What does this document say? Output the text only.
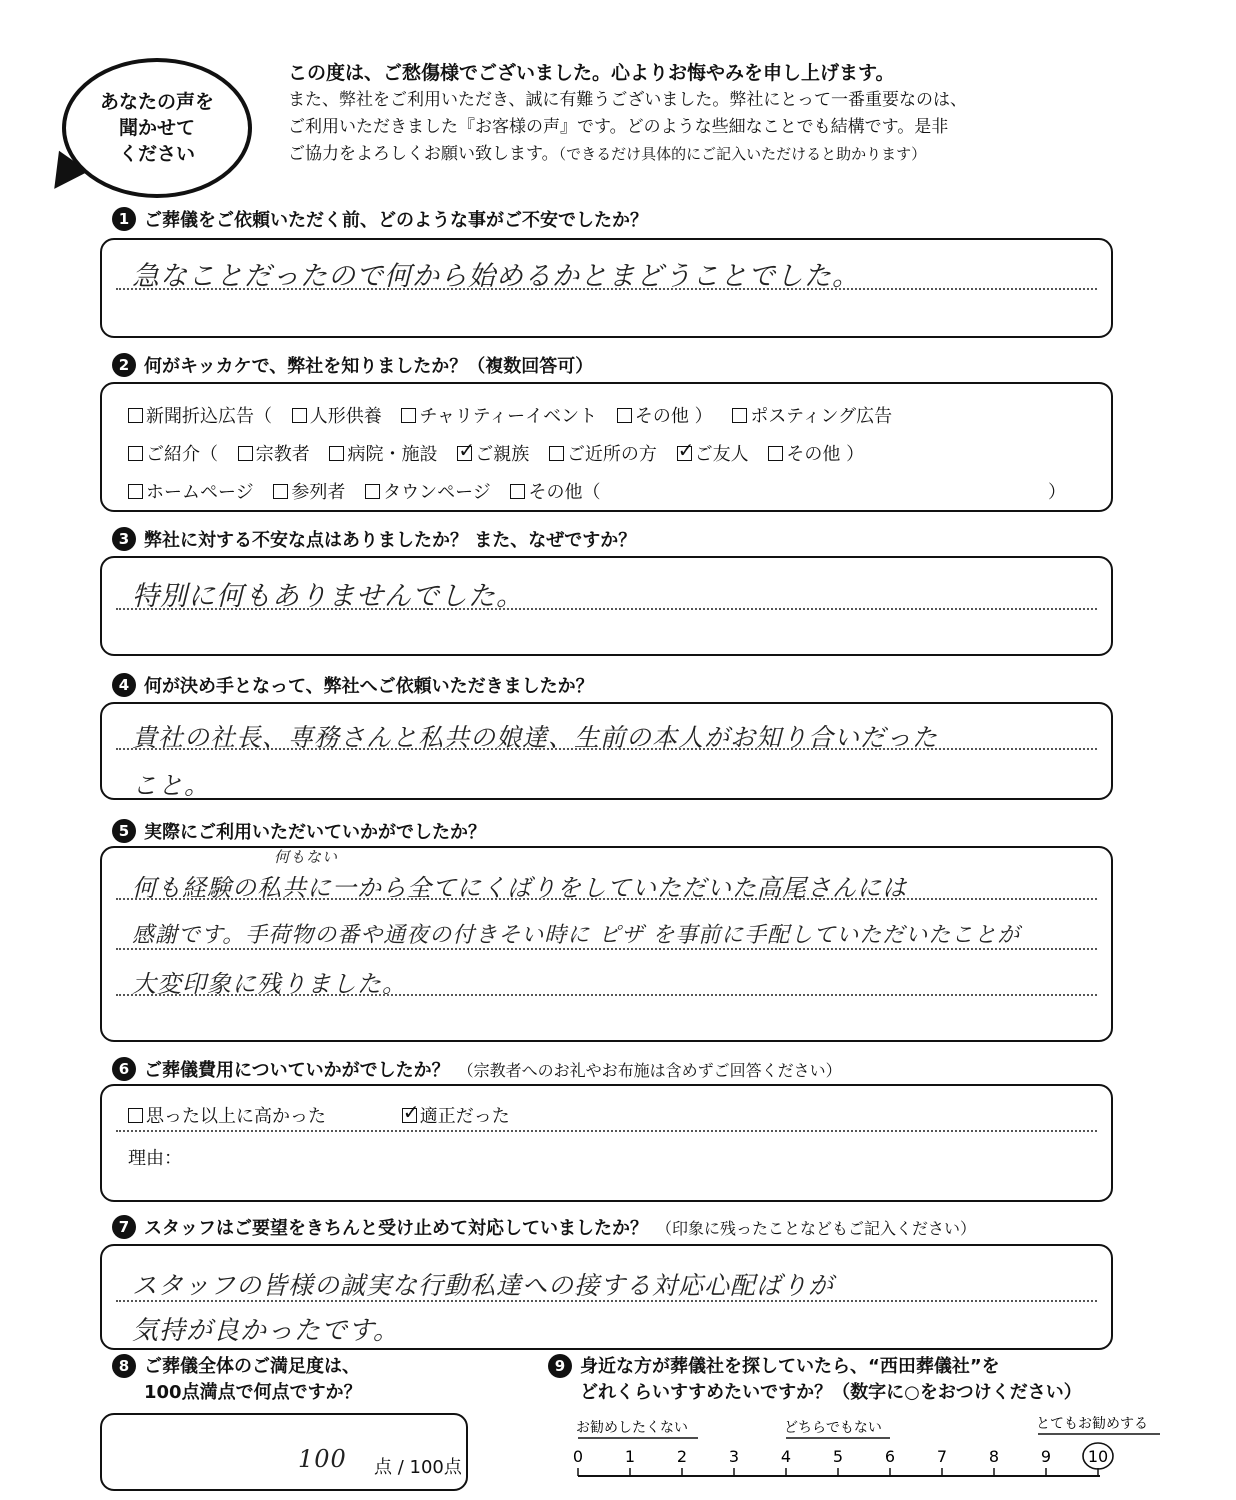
あなたの声を
聞かせて
ください
この度は、ご愁傷様でございました。心よりお悔やみを申し上げます。
また、弊社をご利用いただき、誠に有難うございました。弊社にとって一番重要なのは、
ご利用いただきました『お客様の声』です。どのような些細なことでも結構です。是非
ご協力をよろしくお願い致します。（できるだけ具体的にご記入いただけると助かります）
1 ご葬儀をご依頼いただく前、どのような事がご不安でしたか？
急なことだったので何から始めるかとまどうことでした。
2 何がキッカケで、弊社を知りましたか？（複数回答可）
新聞折込広告（ 人形供養 チャリティーイベント その他 ） ポスティング広告
ご紹介（ 宗教者 病院・施設 ✓ ご親族 ご近所の方 ✓ ご友人 その他 ）
ホームページ 参列者 タウンページ その他（	）
3 弊社に対する不安な点はありましたか？ また、なぜですか？
特別に何もありませんでした。
4 何が決め手となって、弊社へご依頼いただきましたか？
貴社の社長、専務さんと私共の娘達、生前の本人がお知り合いだった
こと。
5 実際にご利用いただいていかがでしたか？
何もない
何も経験の私共に一から全てにくばりをしていただいた高尾さんには
感謝です。手荷物の番や通夜の付きそい時に ピザ を事前に手配していただいたことが
大変印象に残りました。
6 ご葬儀費用についていかがでしたか？ （宗教者へのお礼やお布施は含めずご回答ください）
思った以上に高かった ✓	適正だった
理由：
7 スタッフはご要望をきちんと受け止めて対応していましたか？ （印象に残ったことなどもご記入ください）
スタッフの皆様の誠実な行動私達への接する対応心配ばりが
気持が良かったです。
8 ご葬儀全体のご満足度は、
100点満点で何点ですか？
100 点 / 100点
9 身近な方が葬儀社を探していたら、“西田葬儀社”を
どれくらいすすめたいですか？（数字に○をおつけください）
お勧めしたくない	どちらでもない	とてもお勧めする
0	1	2	3	4	5	6	7	8	9 10
